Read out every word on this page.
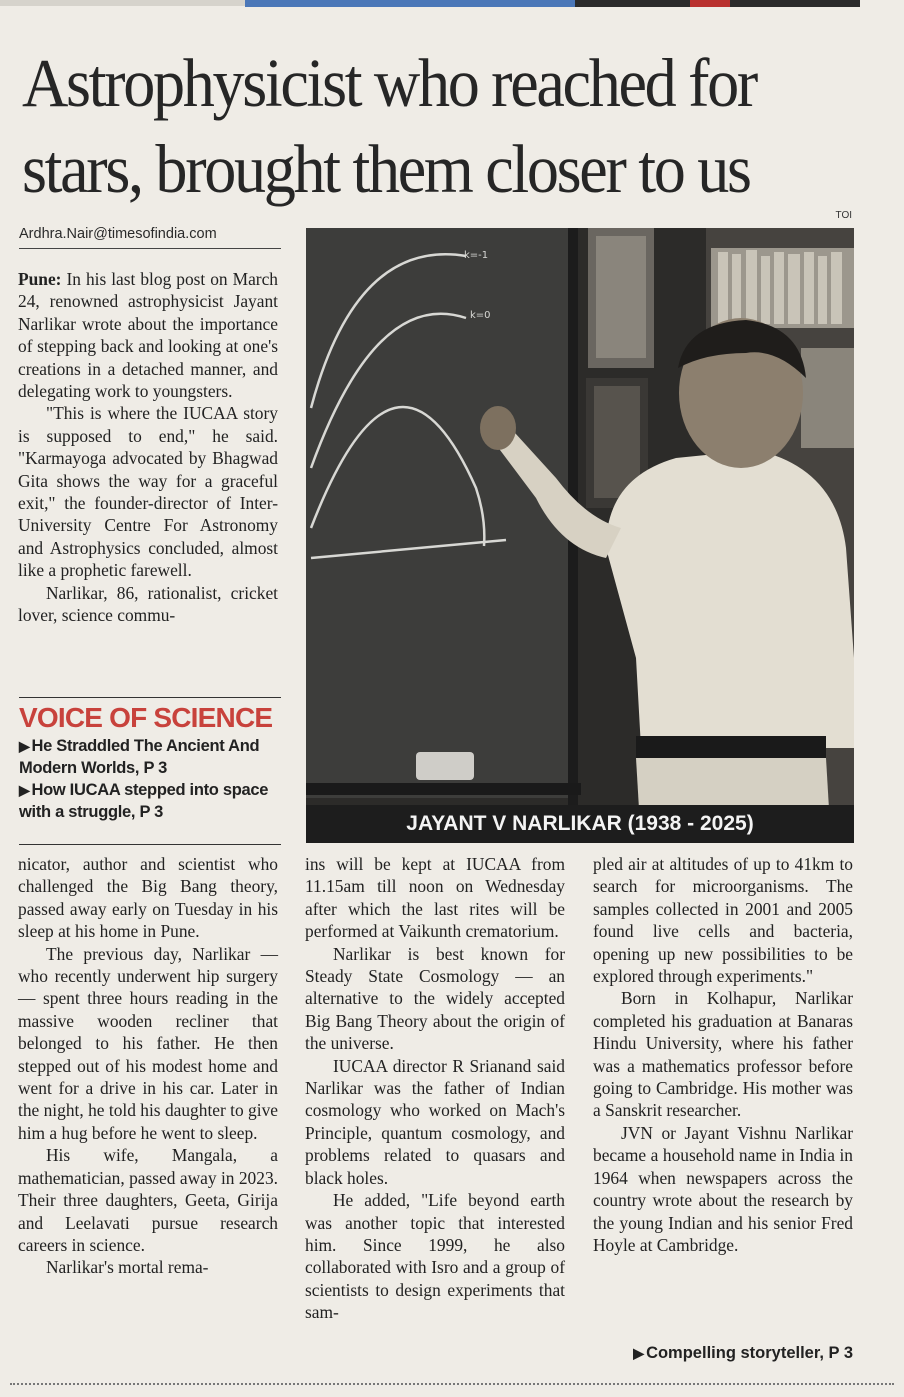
Astrophysicist who reached for
stars, brought them closer to us
TOI
Ardhra.Nair@timesofindia.com

Pune: In his last blog post on March 24, renowned astrophysicist Jayant Narlikar wrote about the importance of stepping back and looking at one's creations in a detached manner, and delegating work to youngsters.

"This is where the IUCAA story is supposed to end," he said. "Karmayoga advocated by Bhagwad Gita shows the way for a graceful exit," the founder-director of Inter-University Centre For Astronomy and Astrophysics concluded, almost like a prophetic farewell.

Narlikar, 86, rationalist, cricket lover, science commu-

VOICE OF SCIENCE
▶ He Straddled The Ancient And Modern Worlds, P 3
▶ How IUCAA stepped into space with a struggle, P 3

nicator, author and scientist who challenged the Big Bang theory, passed away early on Tuesday in his sleep at his home in Pune.

The previous day, Narlikar —who recently underwent hip surgery — spent three hours reading in the massive wooden recliner that belonged to his father. He then stepped out of his modest home and went for a drive in his car. Later in the night, he told his daughter to give him a hug before he went to sleep.

His wife, Mangala, a mathematician, passed away in 2023. Their three daughters, Geeta, Girija and Leelavati pursue research careers in science.

Narlikar's mortal rema-

ins will be kept at IUCAA from 11.15am till noon on Wednesday after which the last rites will be performed at Vaikunth crematorium.

Narlikar is best known for Steady State Cosmology — an alternative to the widely accepted Big Bang Theory about the origin of the universe.

IUCAA director R Srianand said Narlikar was the father of Indian cosmology who worked on Mach's Principle, quantum cosmology, and problems related to quasars and black holes.

He added, "Life beyond earth was another topic that interested him. Since 1999, he also collaborated with Isro and a group of scientists to design experiments that sam-

pled air at altitudes of up to 41km to search for microorganisms. The samples collected in 2001 and 2005 found live cells and bacteria, opening up new possibilities to be explored through experiments."

Born in Kolhapur, Narlikar completed his graduation at Banaras Hindu University, where his father was a mathematics professor before going to Cambridge. His mother was a Sanskrit researcher.

JVN or Jayant Vishnu Narlikar became a household name in India in 1964 when newspapers across the country wrote about the research by the young Indian and his senior Fred Hoyle at Cambridge.

k=-1
k=0
JAYANT V NARLIKAR (1938 - 2025)
▶ Compelling storyteller, P 3
